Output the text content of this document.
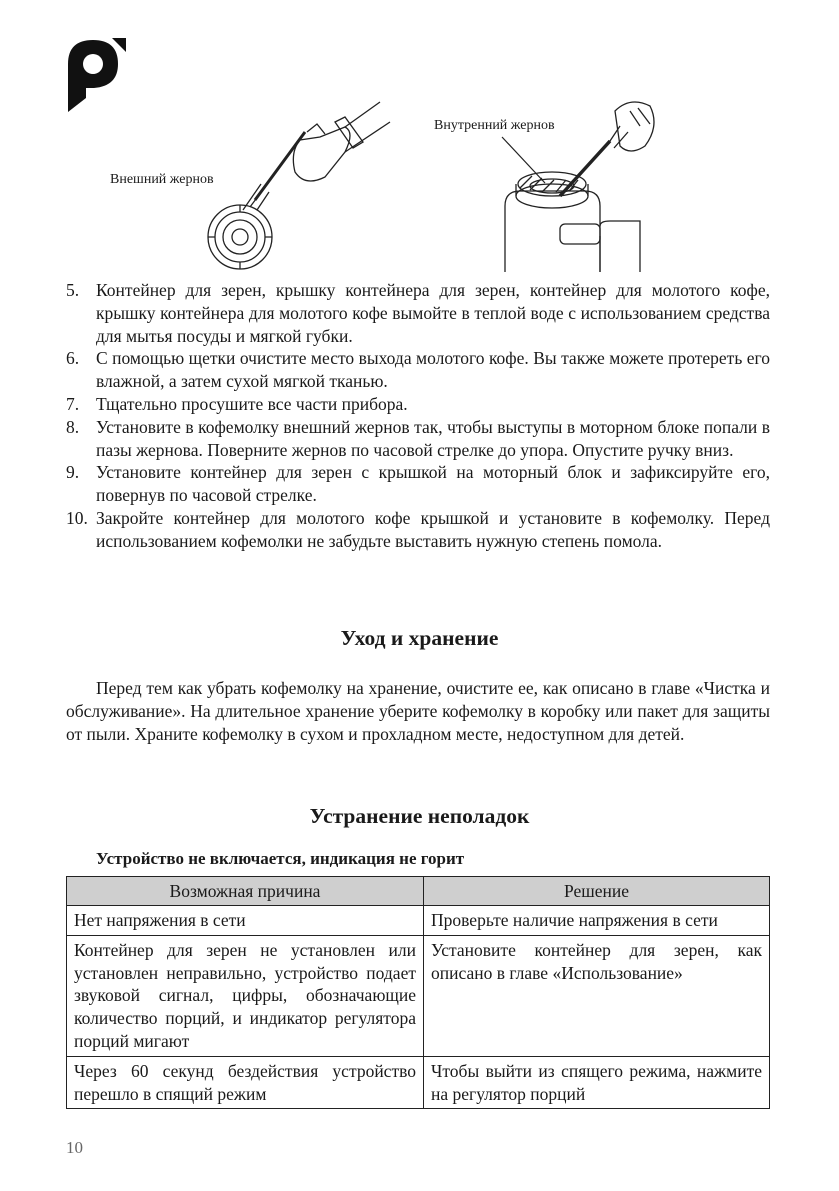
Внешний жернов
Внутренний жернов
5. Контейнер для зерен, крышку контейнера для зерен, контейнер для молотого кофе, крышку контейнера для молотого кофе вымойте в теплой воде с использованием средства для мытья посуды и мягкой губки.
6. С помощью щетки очистите место выхода молотого кофе. Вы также можете протереть его влажной, а затем сухой мягкой тканью.
7. Тщательно просушите все части прибора.
8. Установите в кофемолку внешний жернов так, чтобы выступы в моторном блоке попали в пазы жернова. Поверните жернов по часовой стрелке до упора. Опустите ручку вниз.
9. Установите контейнер для зерен с крышкой на моторный блок и зафиксируйте его, повернув по часовой стрелке.
10. Закройте контейнер для молотого кофе крышкой и установите в кофемолку. Перед использованием кофемолки не забудьте выставить нужную степень помола.
Уход и хранение

Перед тем как убрать кофемолку на хранение, очистите ее, как описано в главе «Чистка и обслуживание». На длительное хранение уберите кофемолку в коробку или пакет для защиты от пыли. Храните кофемолку в сухом и прохладном месте, недоступном для детей.

Устранение неполадок
Устройство не включается, индикация не горит
Возможная причина	Решение
Нет напряжения в сети	Проверьте наличие напряжения в сети
Контейнер для зерен не установлен или установлен неправильно, устройство подает звуковой сигнал, цифры, обозначающие количество порций, и индикатор регулятора порций мигают	Установите контейнер для зерен, как описано в главе «Использование»
Через 60 секунд бездействия устройство перешло в спящий режим	Чтобы выйти из спящего режима, нажмите на регулятор порций
10
